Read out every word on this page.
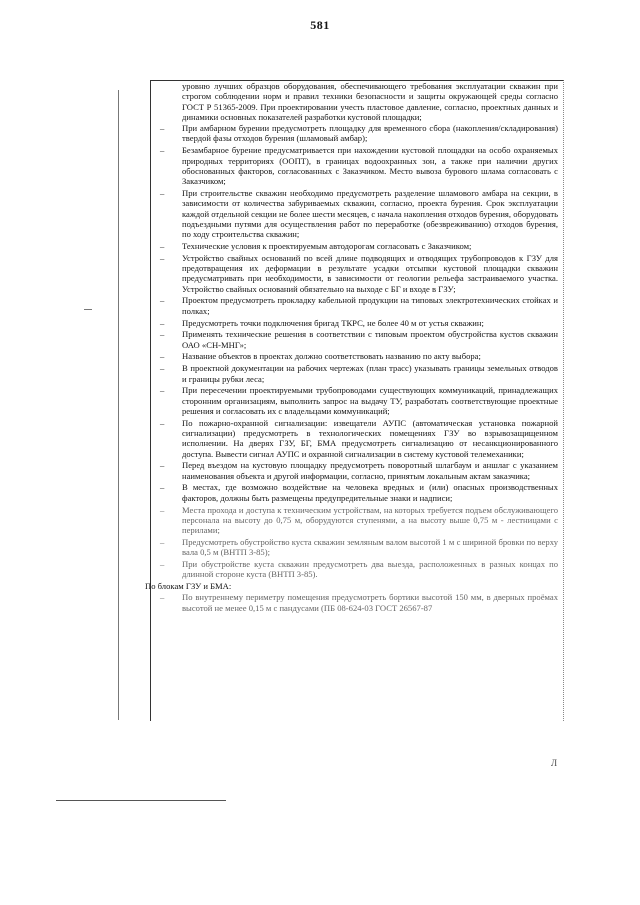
581
уровню лучших образцов оборудования, обеспечивающего требования эксплуатации скважин при строгом соблюдении норм и правил техники безопасности и защиты окружающей среды согласно ГОСТ Р 51365-2009. При проектировании учесть пластовое давление, согласно, проектных данных и динамики основных показателей разработки кустовой площадки;
– При амбарном бурении предусмотреть площадку для временного сбора (накопления/складирования) твердой фазы отходов бурения (шламовый амбар);
– Безамбарное бурение предусматривается при нахождении кустовой площадки на особо охраняемых природных территориях (ООПТ), в границах водоохранных зон, а также при наличии других обоснованных факторов, согласованных с Заказчиком. Место вывоза бурового шлама согласовать с Заказчиком;
– При строительстве скважин необходимо предусмотреть разделение шламового амбара на секции, в зависимости от количества забуриваемых скважин, согласно, проекта бурения. Срок эксплуатации каждой отдельной секции не более шести месяцев, с начала накопления отходов бурения, оборудовать подъездными путями для осуществления работ по переработке (обезвреживанию) отходов бурения, по ходу строительства скважин;
– Технические условия к проектируемым автодорогам согласовать с Заказчиком;
– Устройство свайных оснований по всей длине подводящих и отводящих трубопроводов к ГЗУ для предотвращения их деформации в результате усадки отсыпки кустовой площадки скважин предусматривать при необходимости, в зависимости от геологии рельефа застраиваемого участка. Устройство свайных оснований обязательно на выходе с БГ и входе в ГЗУ;
– Проектом предусмотреть прокладку кабельной продукции на типовых электротехнических стойках и полках;
– Предусмотреть точки подключения бригад ТКРС, не более 40 м от устья скважин;
– Применять технические решения в соответствии с типовым проектом обустройства кустов скважин ОАО «СН-МНГ»;
– Название объектов в проектах должно соответствовать названию по акту выбора;
– В проектной документации на рабочих чертежах (план трасс) указывать границы земельных отводов и границы рубки леса;
– При пересечении проектируемыми трубопроводами существующих коммуникаций, принадлежащих сторонним организациям, выполнить запрос на выдачу ТУ, разработать соответствующие проектные решения и согласовать их с владельцами коммуникаций;
– По пожарно-охранной сигнализации: извещатели АУПС (автоматическая установка пожарной сигнализации) предусмотреть в технологических помещениях ГЗУ во взрывозащищенном исполнении. На дверях ГЗУ, БГ, БМА предусмотреть сигнализацию от несанкционированного доступа. Вывести сигнал АУПС и охранной сигнализации в систему кустовой телемеханики;
– Перед въездом на кустовую площадку предусмотреть поворотный шлагбаум и аншлаг с указанием наименования объекта и другой информации, согласно, принятым локальным актам заказчика;
– В местах, где возможно воздействие на человека вредных и (или) опасных производственных факторов, должны быть размещены предупредительные знаки и надписи;
– Места прохода и доступа к техническим устройствам, на которых требуется подъем обслуживающего персонала на высоту до 0,75 м, оборудуются ступенями, а на высоту выше 0,75 м - лестницами с перилами;
– Предусмотреть обустройство куста скважин земляным валом высотой 1 м с шириной бровки по верху вала 0,5 м (ВНТП 3-85);
– При обустройстве куста скважин предусмотреть два выезда, расположенных в разных концах по длинной стороне куста (ВНТП 3-85).
По блокам ГЗУ и БМА:
– По внутреннему периметру помещения предусмотреть бортики высотой 150 мм, в дверных проёмах высотой не менее 0,15 м с пандусами (ПБ 08-624-03 ГОСТ 26567-87
Л
